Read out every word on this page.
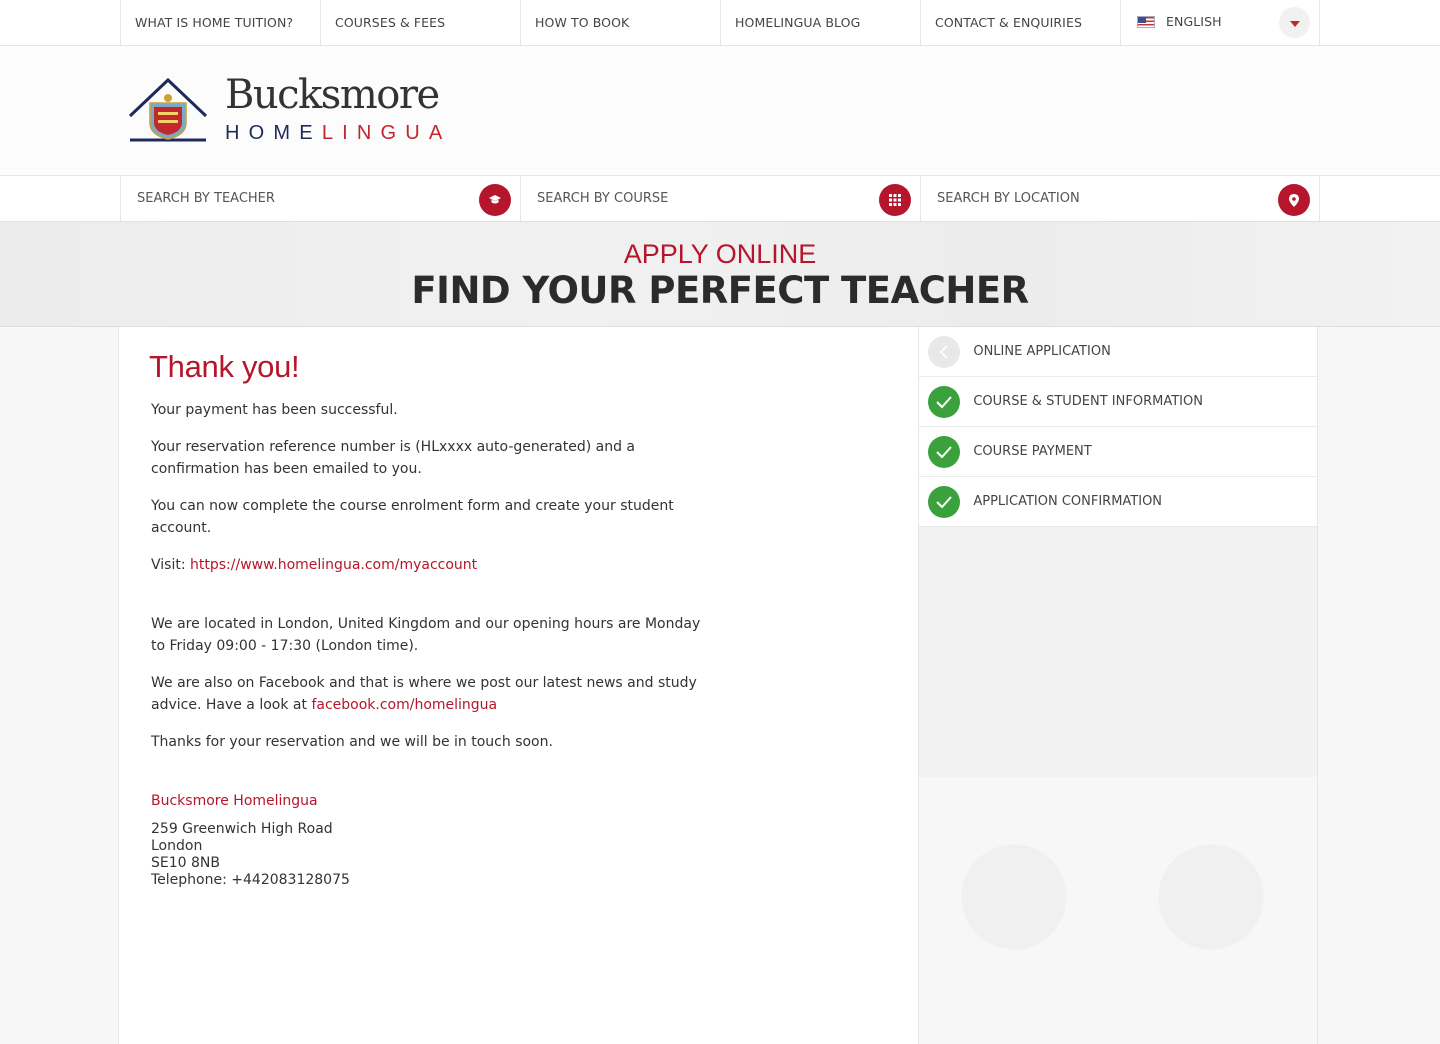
WHAT IS HOME TUITION?	COURSES & FEES	HOW TO BOOK	HOMELINGUA BLOG	CONTACT & ENQUIRIES	ENGLISH
Bucksmore
HOMELINGUA
SEARCH BY TEACHER	SEARCH BY COURSE	SEARCH BY LOCATION
APPLY ONLINE
FIND YOUR PERFECT TEACHER
Thank you!

Your payment has been successful.

Your reservation reference number is (HLxxxx auto-generated) and a confirmation has been emailed to you.

You can now complete the course enrolment form and create your student account.

Visit: https://www.homelingua.com/myaccount

We are located in London, United Kingdom and our opening hours are Monday to Friday 09:00 - 17:30 (London time).

We are also on Facebook and that is where we post our latest news and study advice. Have a look at facebook.com/homelingua

Thanks for your reservation and we will be in touch soon.

Bucksmore Homelingua
259 Greenwich High Road
London
SE10 8NB
Telephone: +442083128075
ONLINE APPLICATION
COURSE & STUDENT INFORMATION
COURSE PAYMENT
APPLICATION CONFIRMATION
